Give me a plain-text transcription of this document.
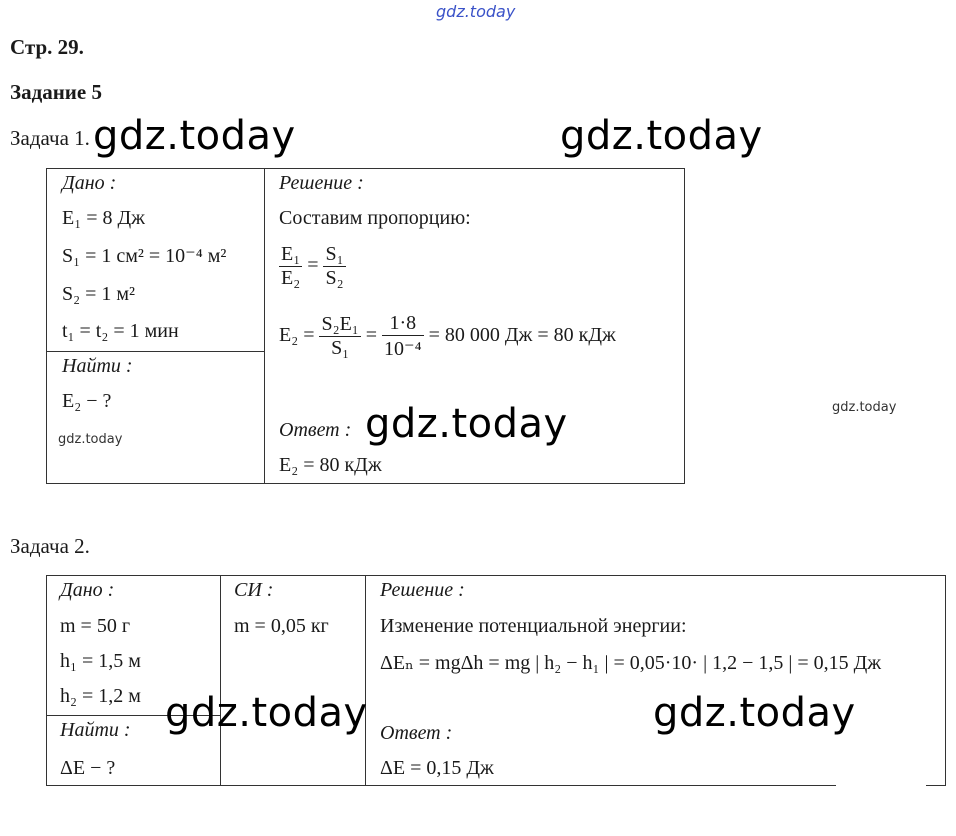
gdz.today
Стр. 29.
Задание 5
Задача 1.
Дано :
E₁ = 8 Дж
S₁ = 1 см² = 10⁻⁴ м²
S₂ = 1 м²
t₁ = t₂ = 1 мин
Найти :
E₂ − ?
Решение :
Составим пропорцию:
$\frac{\text{E₁}}{\text{E₂}} = \frac{\text{S₁}}{\text{S₂}}$
$E_2 = \frac{\text{S₂E₁}}{\text{S₁}} = \frac{1\cdot 8}{\text{10⁻⁴}} = 80$ 000 Дж = 80 кДж
Ответ :
E₂ = 80 кДж
Задача 2.
Дано :
m = 50 г
h₁ = 1,5 м
h₂ = 1,2 м
Найти :
ΔE − ?
СИ :
m = 0,05 кг
Решение :
Изменение потенциальной энергии:
ΔEₙ = mgΔh = mg | h₂ − h₁ | = 0,05·10· | 1,2 − 1,5 | = 0,15 Дж
Ответ :
ΔE = 0,15 Дж
gdz.today	gdz.today
gdz.today
gdz.today	gdz.today
gdz.today
gdz.today
